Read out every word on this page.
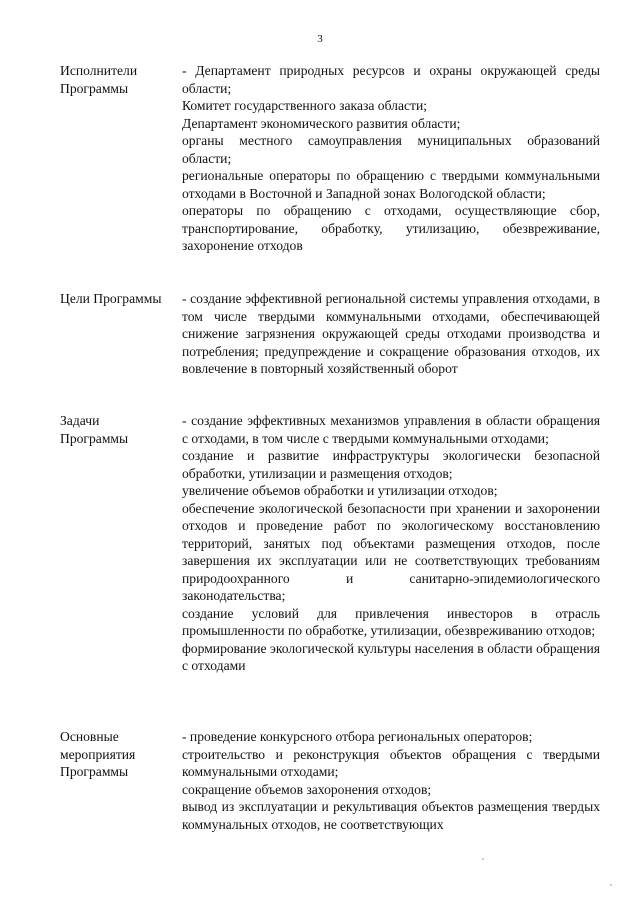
3
Исполнители
Программы

- Департамент природных ресурсов и охраны окружающей среды области;

Комитет государственного заказа области;

Департамент экономического развития области;

органы местного самоуправления муниципальных образований области;

региональные операторы по обращению с твердыми коммунальными отходами в Восточной и Западной зонах Вологодской области;

операторы по обращению с отходами, осуществляющие сбор, транспортирование, обработку, утилизацию, обезвреживание, захоронение отходов

Цели Программы	- создание эффективной региональной системы управления отходами, в том числе твердыми коммунальными отходами, обеспечивающей снижение загрязнения окружающей среды отходами производства и потребления; предупреждение и сокращение образования отходов, их вовлечение в повторный хозяйственный оборот

Задачи
Программы

- создание эффективных механизмов управления в области обращения с отходами, в том числе с твердыми коммунальными отходами;

создание и развитие инфраструктуры экологически безопасной обработки, утилизации и размещения отходов;

увеличение объемов обработки и утилизации отходов;

обеспечение экологической безопасности при хранении и захоронении отходов и проведение работ по экологическому восстановлению территорий, занятых под объектами размещения отходов, после завершения их эксплуатации или не соответствующих требованиям природоохранного и санитарно-эпидемиологического законодательства;

создание условий для привлечения инвесторов в отрасль промышленности по обработке, утилизации, обезвреживанию отходов;

формирование экологической культуры населения в области обращения с отходами

Основные
мероприятия
Программы

- проведение конкурсного отбора региональных операторов;

строительство и реконструкция объектов обращения с твердыми коммунальными отходами;

сокращение объемов захоронения отходов;

вывод из эксплуатации и рекультивация объектов размещения твердых коммунальных отходов, не соответствующих
